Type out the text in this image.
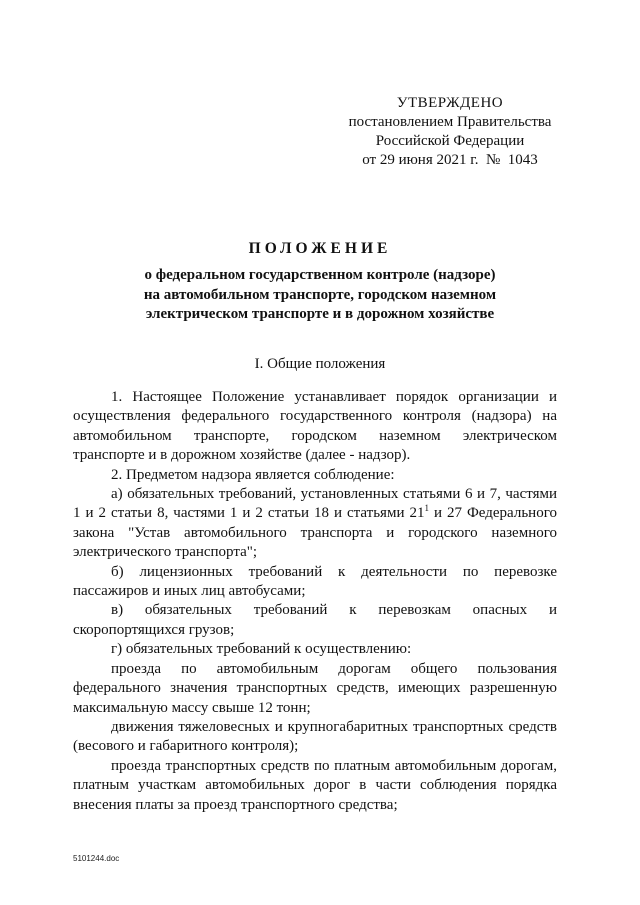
УТВЕРЖДЕНО
постановлением Правительства
Российской Федерации
от 29 июня 2021 г.  №  1043
ПОЛОЖЕНИЕ
о федеральном государственном контроле (надзоре)
на автомобильном транспорте, городском наземном
электрическом транспорте и в дорожном хозяйстве
I. Общие положения

1. Настоящее Положение устанавливает порядок организации и осуществления федерального государственного контроля (надзора) на автомобильном транспорте, городском наземном электрическом транспорте и в дорожном хозяйстве (далее - надзор).

2. Предметом надзора является соблюдение:

а) обязательных требований, установленных статьями 6 и 7, частями 1 и 2 статьи 8, частями 1 и 2 статьи 18 и статьями $21^1$ и 27 Федерального закона "Устав автомобильного транспорта и городского наземного электрического транспорта";

б) лицензионных требований к деятельности по перевозке пассажиров и иных лиц автобусами;

в) обязательных требований к перевозкам опасных и скоропортящихся грузов;

г) обязательных требований к осуществлению:

проезда по автомобильным дорогам общего пользования федерального значения транспортных средств, имеющих разрешенную максимальную массу свыше 12 тонн;

движения тяжеловесных и крупногабаритных транспортных средств (весового и габаритного контроля);

проезда транспортных средств по платным автомобильным дорогам, платным участкам автомобильных дорог в части соблюдения порядка внесения платы за проезд транспортного средства;

5101244.doc
